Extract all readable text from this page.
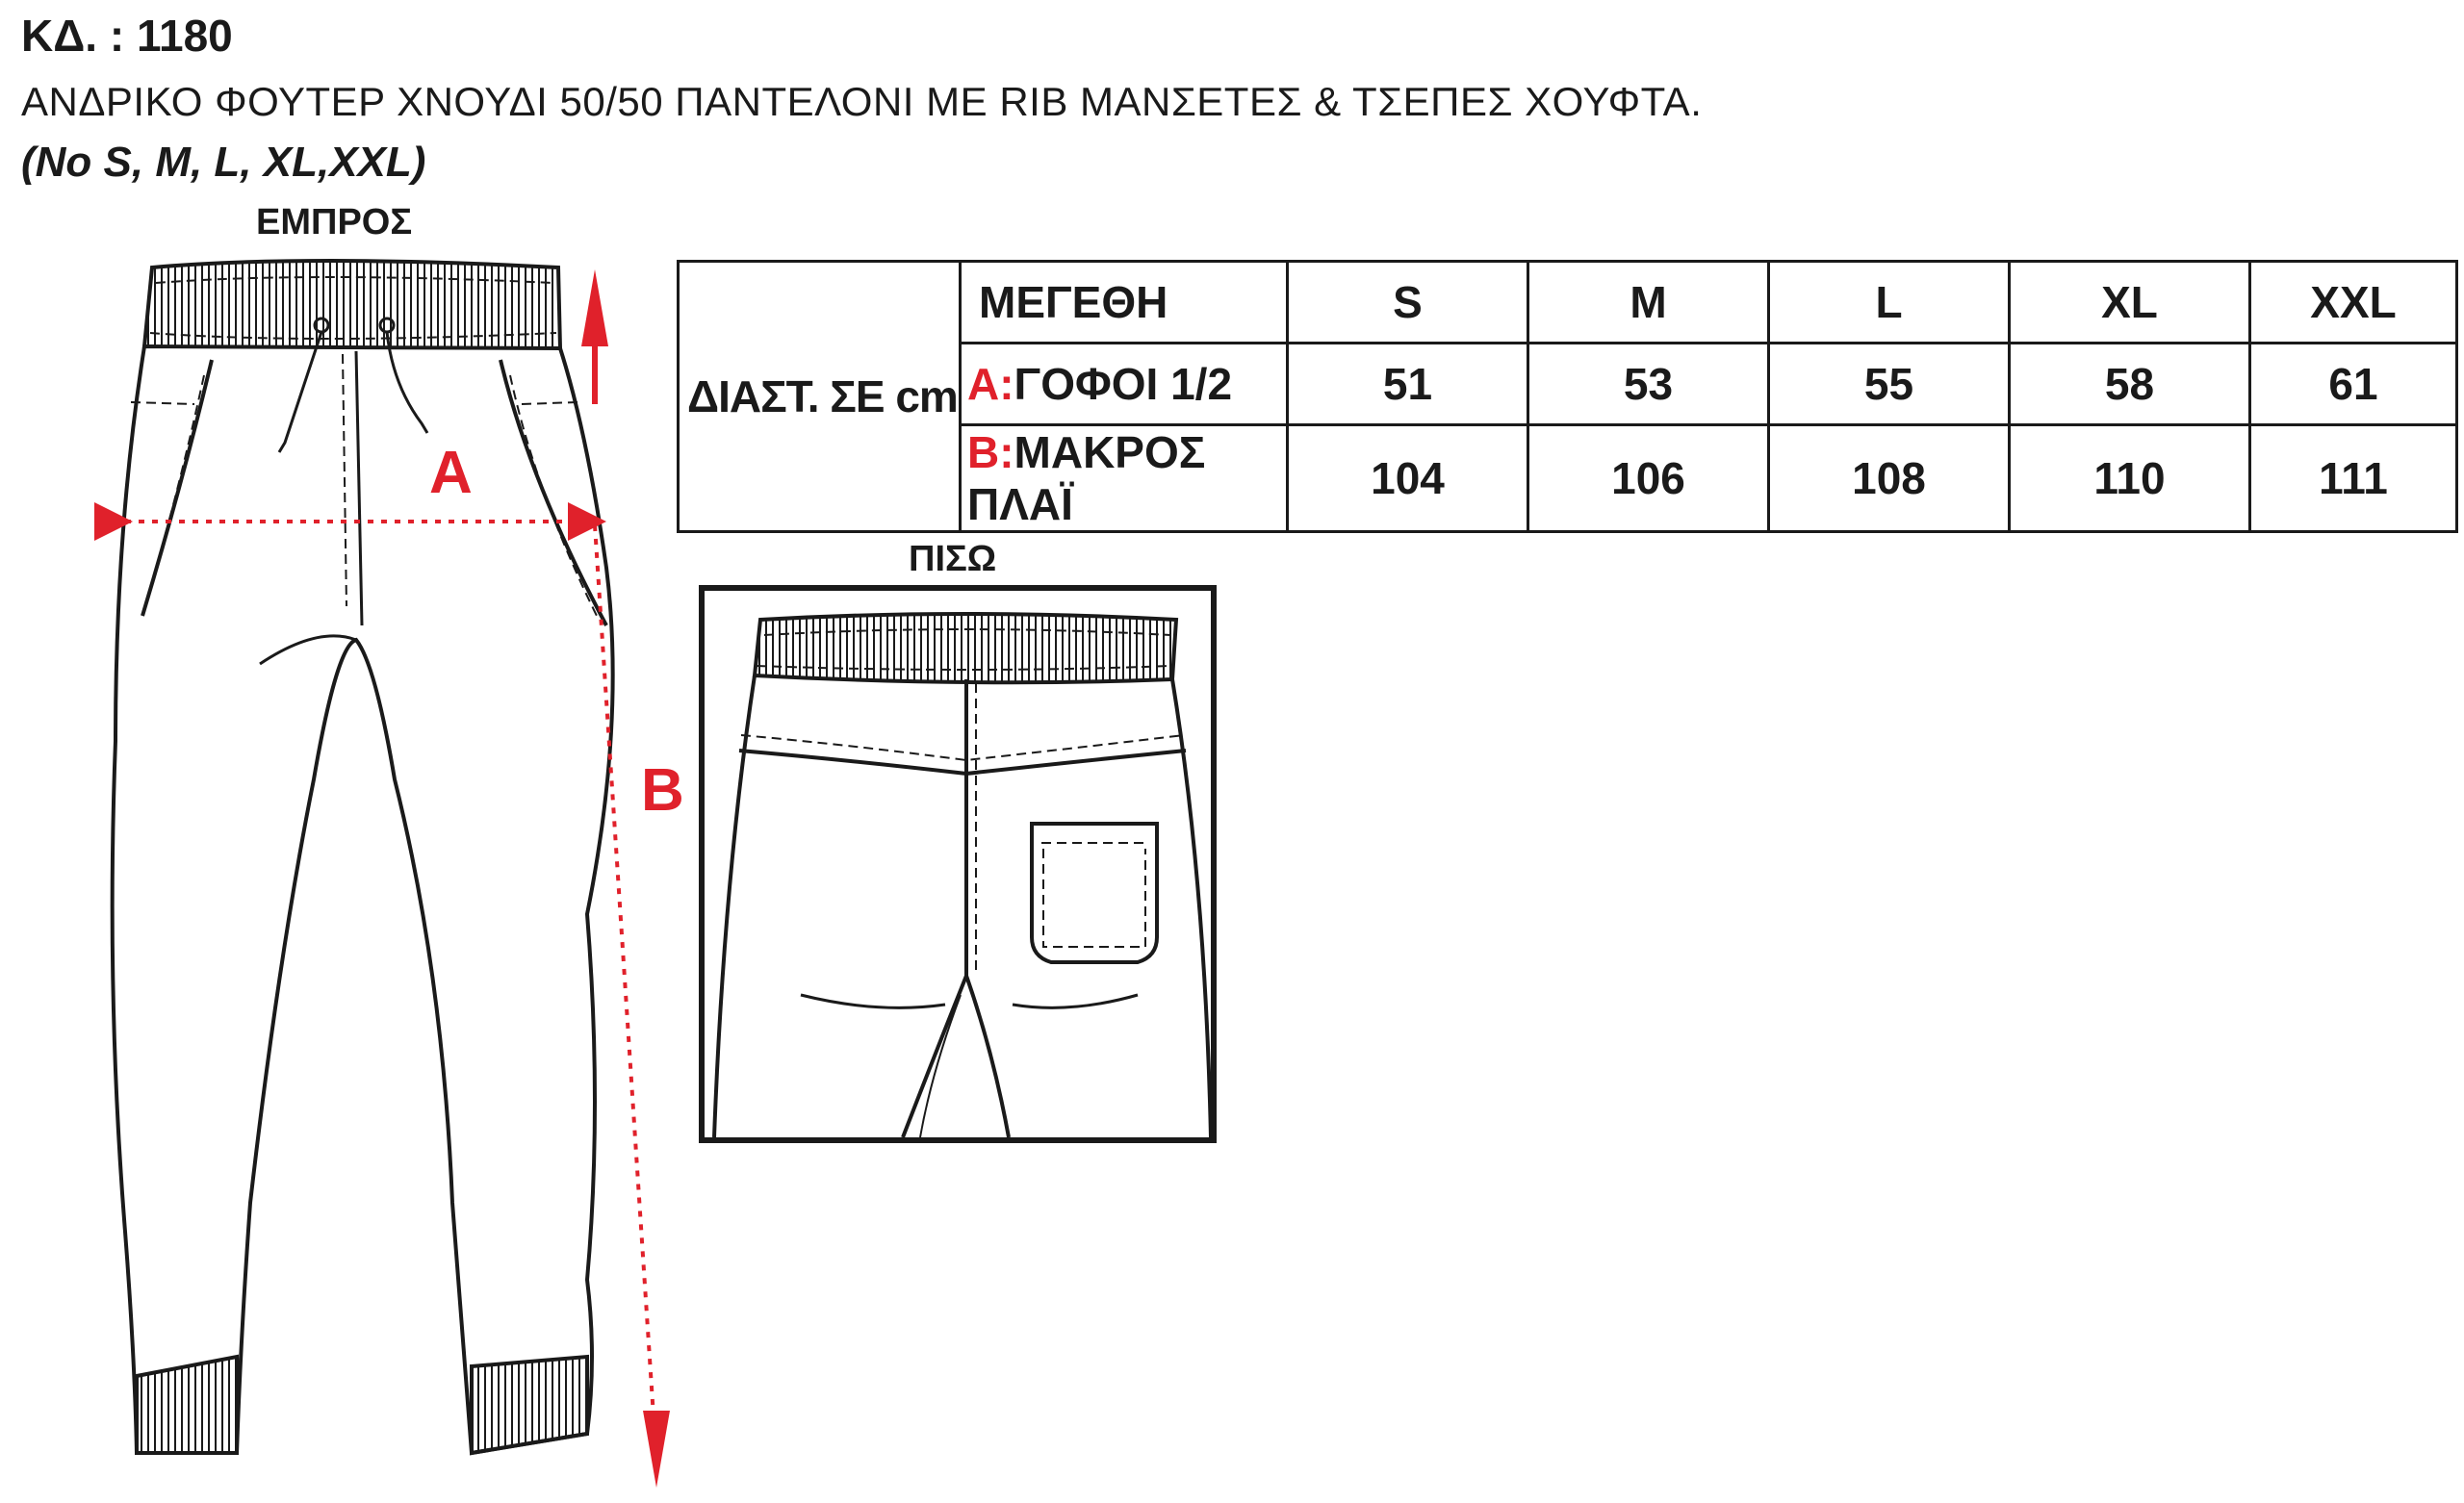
ΚΔ. : 1180
ΑΝΔΡΙΚΟ ΦΟΥΤΕΡ ΧΝΟΥΔΙ 50/50 ΠΑΝΤΕΛΟΝΙ ΜΕ RIB ΜΑΝΣΕΤΕΣ & ΤΣΕΠΕΣ ΧΟΥΦΤΑ.
(No S, M, L, XL,XXL)
ΕΜΠΡΟΣ
A
B
ΔΙΑΣΤ. ΣΕ cm	ΜΕΓΕΘΗ	S	M	L	XL	XXL
	A:ΓΟΦΟΙ 1/2	51	53	55	58	61
	B:ΜΑΚΡΟΣ ΠΛΑΪ	104	106	108	110	111
ΠΙΣΩ
